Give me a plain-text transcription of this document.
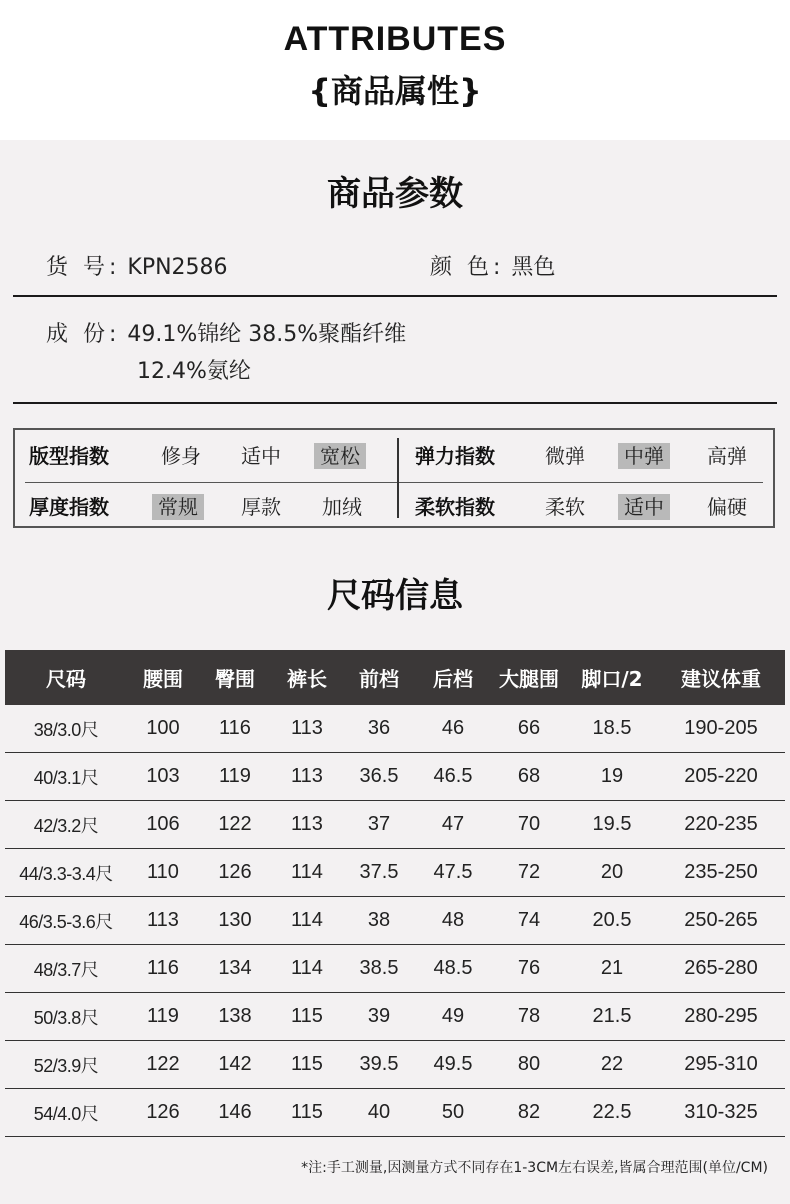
ATTRIBUTES
{商品属性}
商品参数
货 号: KPN2586	颜 色: 黑色
成 份: 49.1%锦纶 38.5%聚酯纤维
12.4%氨纶
版型指数	修身	适中	宽松	弹力指数	微弹	中弹	高弹
厚度指数	常规	厚款	加绒	柔软指数	柔软	适中	偏硬
尺码信息
尺码	腰围	臀围	裤长	前档	后档	大腿围	脚口/2	建议体重
38/3.0尺	100	116	113	36	46	66	18.5	190-205
40/3.1尺	103	119	113	36.5	46.5	68	19	205-220
42/3.2尺	106	122	113	37	47	70	19.5	220-235
44/3.3-3.4尺	110	126	114	37.5	47.5	72	20	235-250
46/3.5-3.6尺	113	130	114	38	48	74	20.5	250-265
48/3.7尺	116	134	114	38.5	48.5	76	21	265-280
50/3.8尺	119	138	115	39	49	78	21.5	280-295
52/3.9尺	122	142	115	39.5	49.5	80	22	295-310
54/4.0尺	126	146	115	40	50	82	22.5	310-325
*注:手工测量,因测量方式不同存在1-3CM左右误差,皆属合理范围(单位/CM)
